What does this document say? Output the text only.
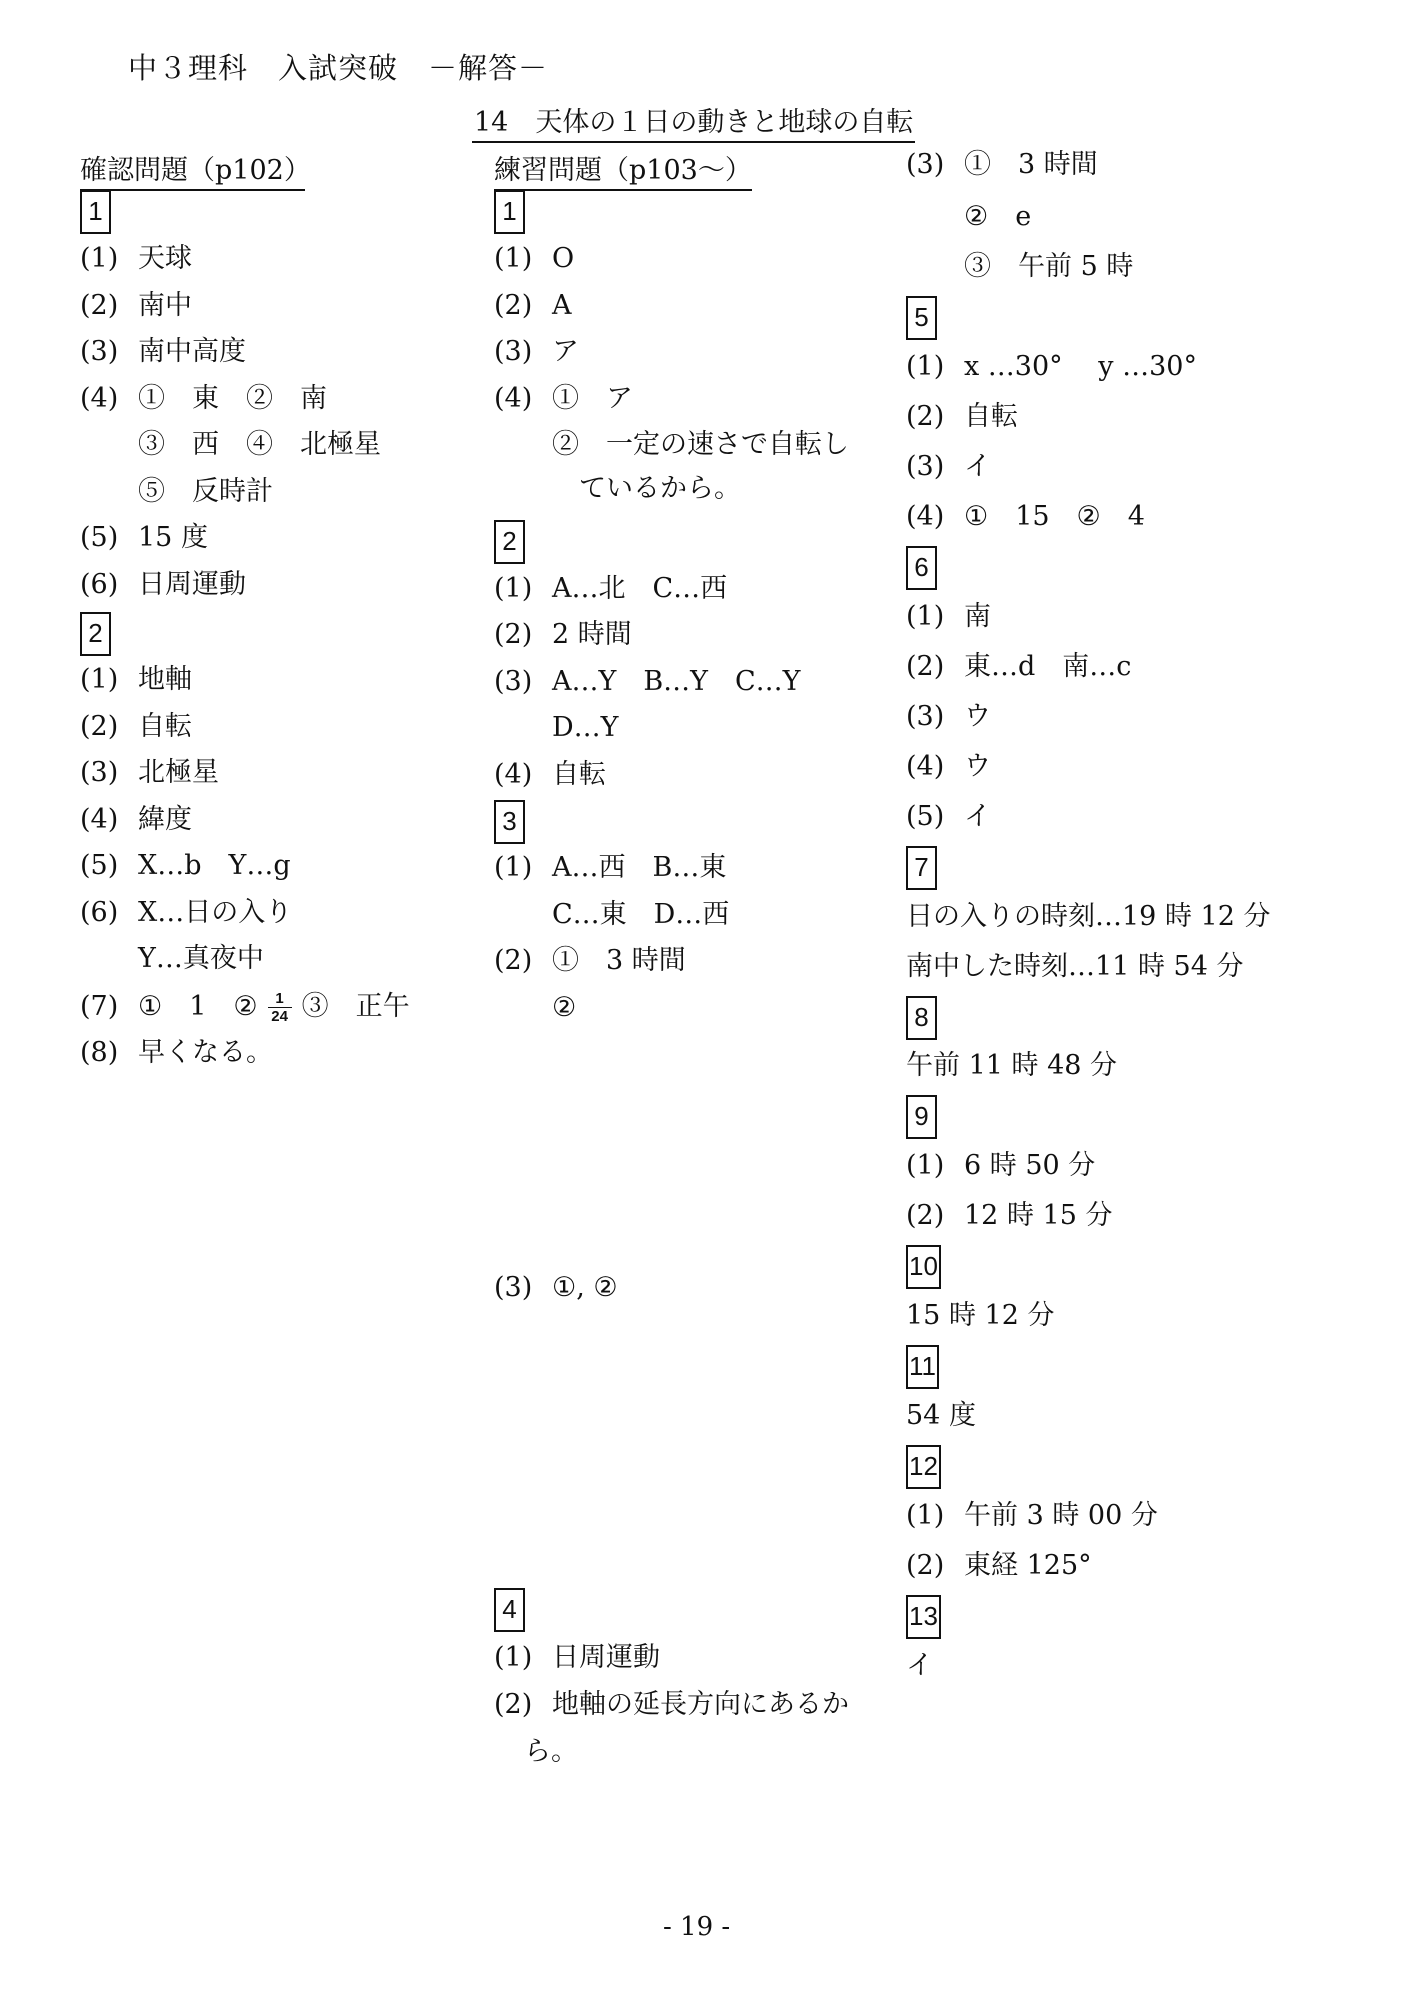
中３理科　入試突破　－解答－
14　天体の１日の動きと地球の自転
確認問題（p102）
1
(1) 天球
(2) 南中
(3) 南中高度
(4) ①　東　②　南
③　西　④　北極星
⑤　反時計
(5) 15 度
(6) 日周運動
2
(1) 地軸
(2) 自転
(3) 北極星
(4) 緯度
(5) X…b　Y…g
(6) X…日の入り
Y…真夜中
(7) ①　1　② $\frac{1}{24}$ ③　正午
(8) 早くなる。
練習問題（p103～）
1
(1) O
(2) A
(3) ア
(4) ①　ア
②　一定の速さで自転し
　ているから。
2
(1) A…北　C…西
(2) 2 時間
(3) A…Y　B…Y　C…Y
D…Y
(4) 自転
3
(1) A…西　B…東
C…東　D…西
(2) ①　3 時間
②
(3) ①, ②
4
(1) 日周運動
(2) 地軸の延長方向にあるか
ら。
(3) ①　3 時間
②　e
③　午前 5 時
5
(1) x …30°　 y …30°
(2) 自転
(3) イ
(4) ①　15　②　4
6
(1) 南
(2) 東…d　南…c
(3) ウ
(4) ウ
(5) イ
7
日の入りの時刻…19 時 12 分
南中した時刻…11 時 54 分
8
午前 11 時 48 分
9
(1) 6 時 50 分
(2) 12 時 15 分
10
15 時 12 分
11
54 度
12
(1) 午前 3 時 00 分
(2) 東経 125°
13
イ
- 19 -
